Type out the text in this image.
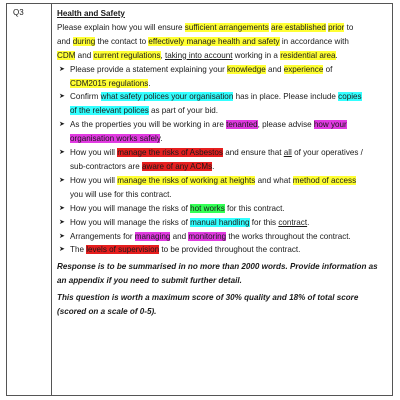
Q3	Health and Safety
Please explain how you will ensure sufficient arrangements are established prior to
and during the contact to effectively manage health and safety in accordance with
CDM and current regulations, taking into account working in a residential area.
➤ Please provide a statement explaining your knowledge and experience of
CDM2015 regulations.
➤ Confirm what safety polices your organisation has in place. Please include copies
of the relevant polices as part of your bid.
➤ As the properties you will be working in are tenanted, please advise how your
organisation works safely.
➤ How you will manage the risks of Asbestos and ensure that all of your operatives /
sub-contractors are aware of any ACMs.
➤ How you will manage the risks of working at heights and what method of access
you will use for this contract.
➤ How you will manage the risks of hot works for this contract.
➤ How you will manage the risks of manual handling for this contract.
➤ Arrangements for managing and monitoring the works throughout the contract.
➤ The levels of supervision to be provided throughout the contract.
Response is to be summarised in no more than 2000 words. Provide information as
an appendix if you need to submit further detail.
This question is worth a maximum score of 30% quality and 18% of total score
(scored on a scale of 0-5).
